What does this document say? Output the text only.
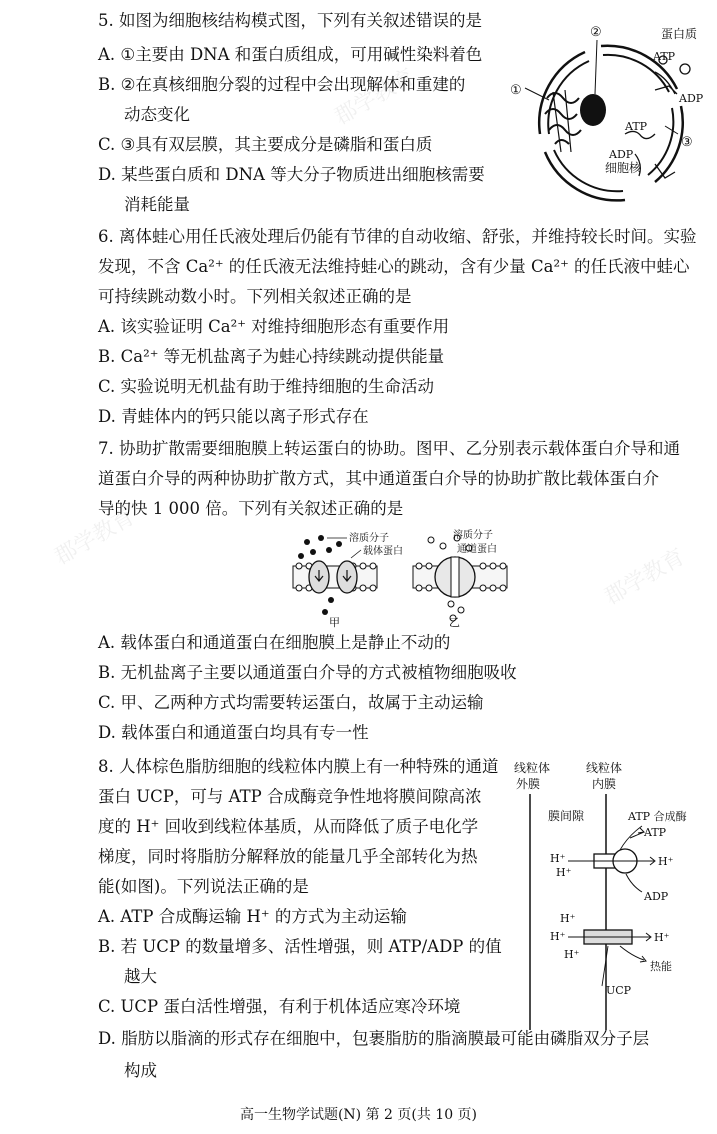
郡学教育
郡学教育
郡学教育
5. 如图为细胞核结构模式图，下列有关叙述错误的是
A. ①主要由 DNA 和蛋白质组成，可用碱性染料着色
B. ②在真核细胞分裂的过程中会出现解体和重建的
动态变化
C. ③具有双层膜，其主要成分是磷脂和蛋白质
D. 某些蛋白质和 DNA 等大分子物质进出细胞核需要
消耗能量
②
①
③
蛋白质
ATP
ADP
ATP
ADP
细胞核
6. 离体蛙心用任氏液处理后仍能有节律的自动收缩、舒张，并维持较长时间。实验
发现，不含 Ca²⁺ 的任氏液无法维持蛙心的跳动，含有少量 Ca²⁺ 的任氏液中蛙心
可持续跳动数小时。下列相关叙述正确的是
A. 该实验证明 Ca²⁺ 对维持细胞形态有重要作用
B. Ca²⁺ 等无机盐离子为蛙心持续跳动提供能量
C. 实验说明无机盐有助于维持细胞的生命活动
D. 青蛙体内的钙只能以离子形式存在
7. 协助扩散需要细胞膜上转运蛋白的协助。图甲、乙分别表示载体蛋白介导和通
道蛋白介导的两种协助扩散方式，其中通道蛋白介导的协助扩散比载体蛋白介
导的快 1 000 倍。下列有关叙述正确的是
溶质分子
载体蛋白
甲
溶质分子
通道蛋白
乙
A. 载体蛋白和通道蛋白在细胞膜上是静止不动的
B. 无机盐离子主要以通道蛋白介导的方式被植物细胞吸收
C. 甲、乙两种方式均需要转运蛋白，故属于主动运输
D. 载体蛋白和通道蛋白均具有专一性
8. 人体棕色脂肪细胞的线粒体内膜上有一种特殊的通道
蛋白 UCP，可与 ATP 合成酶竞争性地将膜间隙高浓
度的 H⁺ 回收到线粒体基质，从而降低了质子电化学
梯度，同时将脂肪分解释放的能量几乎全部转化为热
能(如图)。下列说法正确的是
A. ATP 合成酶运输 H⁺ 的方式为主动运输
B. 若 UCP 的数量增多、活性增强，则 ATP/ADP 的值
越大
C. UCP 蛋白活性增强，有利于机体适应寒冷环境
D. 脂肪以脂滴的形式存在细胞中，包裹脂肪的脂滴膜最可能由磷脂双分子层
构成
线粒体
外膜
线粒体
内膜
膜间隙	ATP 合成酶
ATP
ADP
H⁺
H⁺
H⁺
H⁺
H⁺
H⁺
H⁺
热能
UCP
高一生物学试题(N) 第 2 页(共 10 页)
